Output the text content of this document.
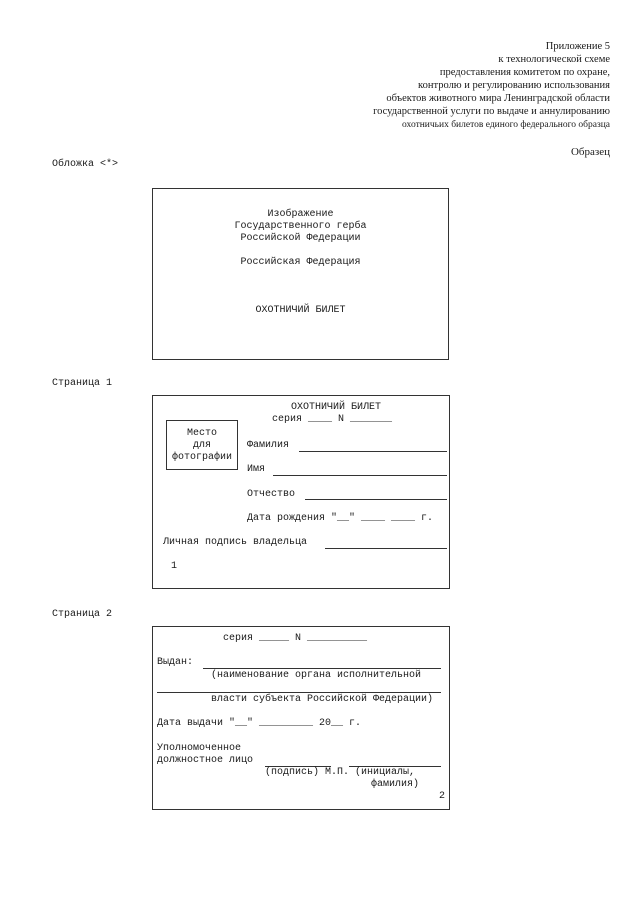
Приложение 5
к технологической схеме
предоставления комитетом по охране,
контролю и регулированию использования
объектов животного мира Ленинградской области
государственной услуги по выдаче и аннулированию
охотничьих билетов единого федерального образца
Образец
Обложка <*>
Изображение
Государственного герба
Российской Федерации
Российская Федерация
ОХОТНИЧИЙ БИЛЕТ
Страница 1
ОХОТНИЧИЙ БИЛЕТ
серия ____ N _______
Место
для
фотографии
Фамилия
Имя
Отчество
Дата рождения "__" ____ ____ г.
Личная подпись владельца
1
Страница 2
серия _____ N __________
Выдан:
(наименование органа исполнительной
власти субъекта Российской Федерации)
Дата выдачи "__" _________ 20__ г.
Уполномоченное
должностное лицо
(подпись) М.П. (инициалы,
фамилия)
2
